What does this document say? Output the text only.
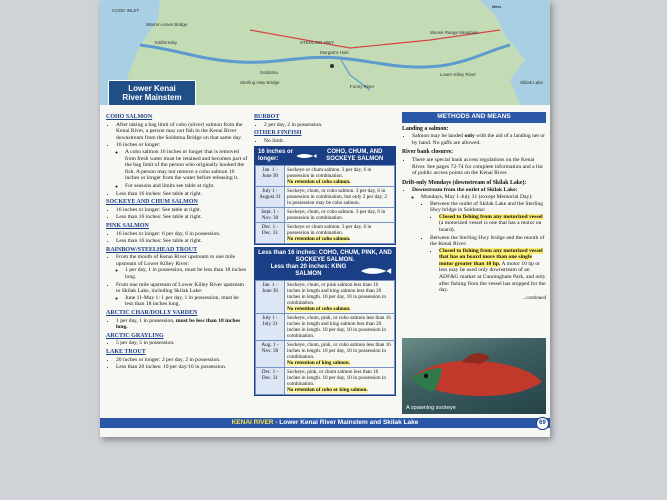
COOK INLET
Warren Ames Bridge
Kalifornsky
Soldotna
Sterling Hwy Bridge
STERLING HWY
Morgan's Hole
Funny River
Lower Killey River
Skilak Lake
Moose Range Meadows
Miles
Lower Kenai
River Mainstem
COHO SALMON
• After taking a bag limit of coho (silver) salmon from the Kenai River, a person may not fish in the Kenai River downstream from the Soldotna Bridge on that same day.
• 16 inches or longer:
◦ A coho salmon 16 inches or longer that is removed from fresh water must be retained and becomes part of the bag limit of the person who originally hooked the fish. A person may not remove a coho salmon 16 inches or longer from the water before releasing it.
◦ For seasons and limits see table at right.
• Less than 16 inches: See table at right.
SOCKEYE AND CHUM SALMON
• 16 inches or longer: See table at right.
• Less than 16 inches: See table at right.
PINK SALMON
• 16 inches or longer: 6 per day, 6 in possession.
• Less than 16 inches: See table at right.
RAINBOW/STEELHEAD TROUT
• From the mouth of Kenai River upstream to one mile upstream of Lower Killey River:
◦ 1 per day, 1 in possession, must be less than 18 inches long.
• From one mile upstream of Lower Killey River upstream to Skilak Lake, including Skilak Lake:
◦ June 11-May 1: 1 per day, 1 in possession, must be less than 18 inches long.
ARCTIC CHAR/DOLLY VARDEN
• 1 per day, 1 in possession, must be less than 18 inches long.
ARCTIC GRAYLING
• 5 per day, 5 in possession.
LAKE TROUT
• 20 inches or longer: 2 per day, 2 in possession.
• Less than 20 inches: 10 per day/10 in possession.
BURBOT
• 2 per day, 2 in possession.
OTHER FINFISH
• No limit.
16 inches or longer:
COHO, CHUM, AND SOCKEYE SALMON
Jan. 1 - June 30	Sockeye or chum salmon. 3 per day, 6 in possession in combination.
No retention of coho salmon.
July 1 - August 31	Sockeye, chum, or coho salmon. 3 per day, 6 in possession in combination, but only 2 per day, 2 in possession may be coho salmon.

Sept. 1 - Nov. 30	Sockeye, chum, or coho salmon. 3 per day, 6 in possession in combination.

Dec. 1 - Dec. 31	Sockeye or chum salmon. 3 per day, 6 in possession in combination.
No retention of coho salmon.
Less than 16 inches: COHO, CHUM, PINK, AND SOCKEYE SALMON.
Less than 20 inches: KING SALMON
Jan. 1 - June 30	Sockeye, chum, or pink salmon less than 16 inches in length and king salmon less than 20 inches in length. 10 per day, 10 in possession in combination.
No retention of coho salmon.
July 1 - July 31	Sockeye, chum, pink, or coho salmon less than 16 inches in length and king salmon less than 20 inches in length. 10 per day, 10 in possession in combination.

Aug. 1 - Nov. 30	Sockeye, chum, pink, or coho salmon less than 16 inches in length. 10 per day, 10 in possession in combination.
No retention of king salmon.
Dec. 1 - Dec. 31	Sockeye, pink, or chum salmon less than 16 inches in length. 10 per day, 10 in possession in combination.
No retention of coho or king salmon.
METHODS AND MEANS
Landing a salmon:
• Salmon may be landed only with the aid of a landing net or by hand. No gaffs are allowed.
River bank closures:
• There are special bank access regulations on the Kenai River. See pages 72-74 for complete information and a list of public access points on the Kenai River.
Drift-only Mondays (downstream of Skilak Lake):
• Downstream from the outlet of Skilak Lake:
◦ Mondays, May 1-July 31 (except Memorial Day):
▪ Between the outlet of Skilak Lake and the Sterling Hwy bridge in Soldotna:
▪ Closed to fishing from any motorized vessel (a motorized vessel is one that has a motor on board).
▪ Between the Sterling Hwy bridge and the mouth of the Kenai River:
▪ Closed to fishing from any motorized vessel that has on board more than one single motor greater than 10 hp. A motor 10 hp or less may be used only downstream of an ADF&G marker at Cunningham Park, and only after fishing from the vessel has stopped for the day.
...continued
A spawning sockeye
KENAI RIVER - Lower Kenai River Mainstem and Skilak Lake	69
